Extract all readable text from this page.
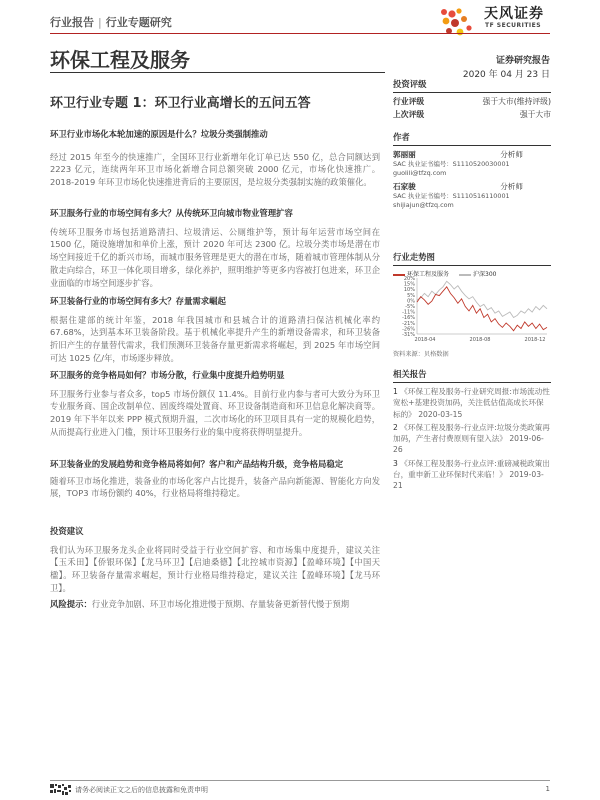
行业报告 | 行业专题研究
天风证券
TF SECURITIES
环保工程及服务	证券研究报告
2020 年 04 月 23 日
环卫行业专题 1：环卫行业高增长的五问五答
环卫行业市场化本轮加速的原因是什么？垃圾分类强制推动
经过 2015 年至今的快速推广，全国环卫行业新增年化订单已达 550 亿，总合同额达到 2223 亿元，连续两年环卫市场化新增合同总额突破 2000 亿元，市场化快速推广。2018-2019 年环卫市场化快速推进背后的主要原因，是垃圾分类强制实施的政策催化。
环卫服务行业的市场空间有多大？从传统环卫向城市物业管理扩容
传统环卫服务市场包括道路清扫、垃圾清运、公厕维护等，预计每年运营市场空间在 1500 亿，随设施增加和单价上涨，预计 2020 年可达 2300 亿。垃圾分类市场是潜在市场空间接近千亿的新兴市场，而城市服务管理是更大的潜在市场，随着城市管理体制从分散走向综合，环卫一体化项目增多，绿化养护，照明维护等更多内容被打包进来，环卫企业面临的市场空间逐步扩容。
环卫装备行业的市场空间有多大？存量需求崛起
根据住建部的统计年鉴，2018 年我国城市和县城合计的道路清扫保洁机械化率约 67.68%，达到基本环卫装备阶段。基于机械化率提升产生的新增设备需求，和环卫装备折旧产生的存量替代需求，我们预测环卫装备存量更新需求将崛起，到 2025 年市场空间可达 1025 亿/年，市场逐步释放。
环卫服务的竞争格局如何？市场分散，行业集中度提升趋势明显
环卫服务行业参与者众多，top5 市场份额仅 11.4%。目前行业内参与者可大致分为环卫专业服务商、国企改制单位、固废终端处置商、环卫设备制造商和环卫信息化解决商等。2019 年下半年以来 PPP 模式预期升温，二次市场化的环卫项目具有一定的规模化趋势，从而提高行业进入门槛，预计环卫服务行业的集中度将获得明显提升。
环卫装备业的发展趋势和竞争格局将如何？客户和产品结构升级，竞争格局稳定
随着环卫市场化推进，装备业的市场化客户占比提升，装备产品向新能源、智能化方向发展，TOP3 市场份额约 40%，行业格局将维持稳定。
投资建议
我们认为环卫服务龙头企业将同时受益于行业空间扩容、和市场集中度提升，建议关注【玉禾田】【侨银环保】【龙马环卫】【启迪桑德】【北控城市资源】【盈峰环境】【中国天楹】。环卫装备存量需求崛起，预计行业格局维持稳定，建议关注【盈峰环境】【龙马环卫】。
风险提示：行业竞争加剧、环卫市场化推进慢于预期、存量装备更新替代慢于预期
投资评级
行业评级	强于大市(维持评级)
上次评级	强于大市
作者
郭丽丽	分析师
SAC 执业证书编号：S1110520030001
guolili@tfzq.com
石家骏	分析师
SAC 执业证书编号：S1110516110001
shijiajun@tfzq.com
行业走势图
环保工程及服务	沪深300
20%
15%
10%
5%
0%
-5%
-11%
-16%
-21%
-26%
-31%
2018-04	2018-08	2018-12
资料来源：贝格数据
相关报告
1 《环保工程及服务-行业研究周报:市场流动性宽松+基建投资加码，关注低估值高成长环保标的》 2020-03-15
2 《环保工程及服务-行业点评:垃圾分类政策再加码，产生者付费原则有望入法》 2019-06-26
3 《环保工程及服务-行业点评:重磅减税政策出台，重申新工业环保时代来临！》 2019-03-21
请务必阅读正文之后的信息披露和免责申明	1
